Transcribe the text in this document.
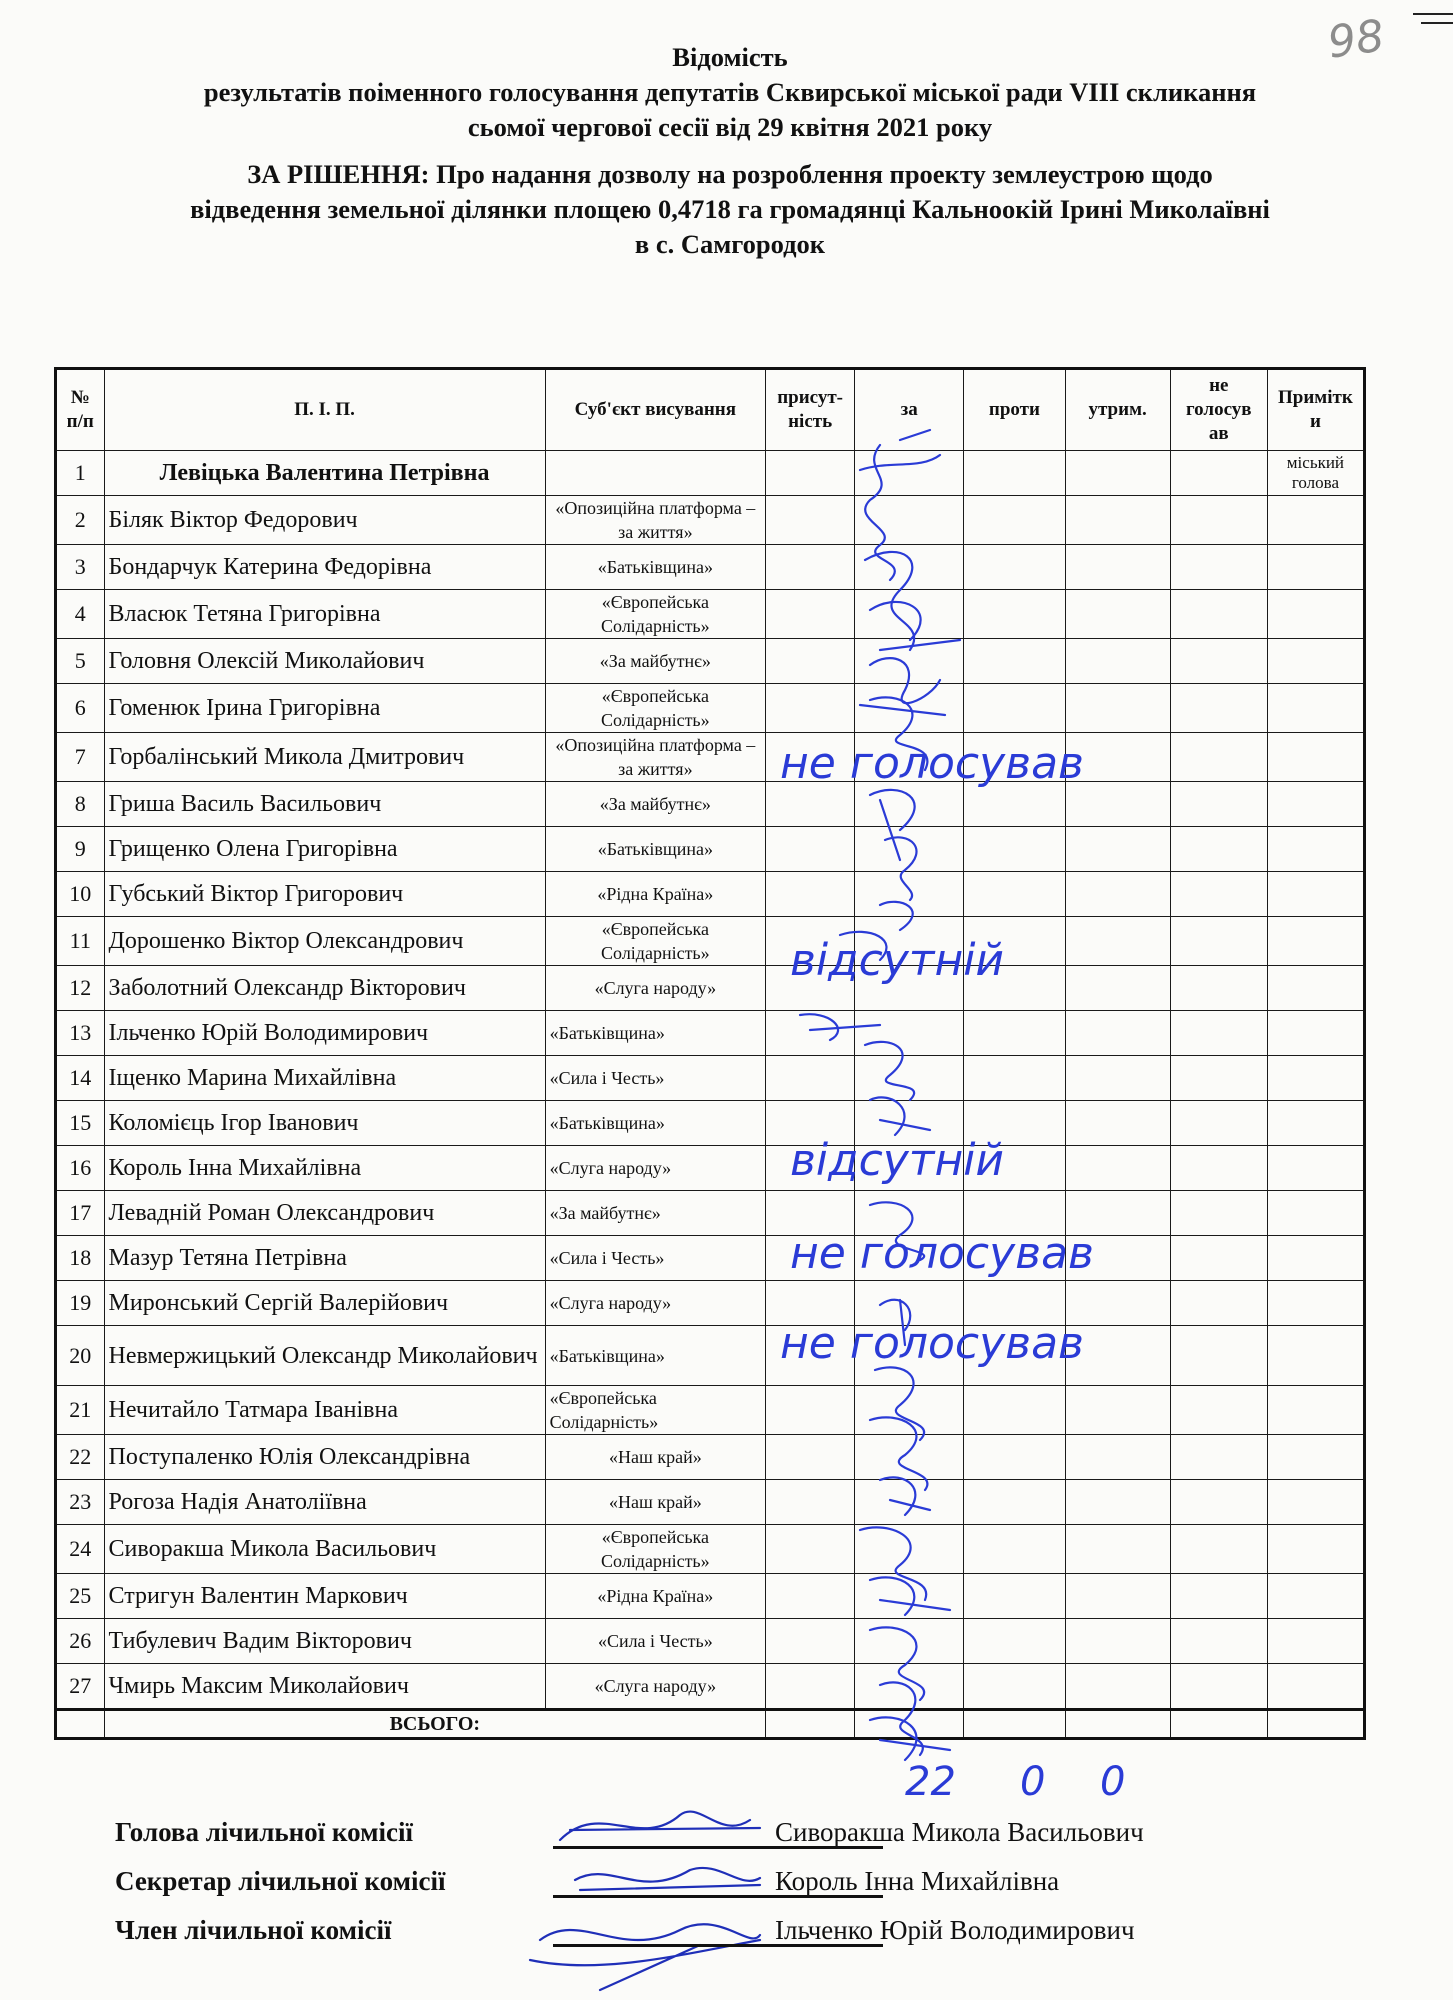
98
Відомість
результатів поіменного голосування депутатів Сквирської міської ради VIII скликання
сьомої чергової сесії від 29 квітня 2021 року
ЗА РІШЕННЯ: Про надання дозволу на розроблення проекту землеустрою щодо
відведення земельної ділянки площею 0,4718 га громадянці Кальноокій Ірині Миколаївні
в с. Самгородок
№ п/п	П. І. П.	Суб'єкт висування	присут-ність	за	проти	утрим.	не голосув ав	Примітк и
1	Левіцька Валентина Петрівна							міський голова
2	Біляк Віктор Федорович	«Опозиційна платформа – за життя»						
3	Бондарчук Катерина Федорівна	«Батьківщина»						
4	Власюк Тетяна Григорівна	«Європейська Солідарність»						
5	Головня Олексій Миколайович	«За майбутнє»						
6	Гоменюк Ірина Григорівна	«Європейська Солідарність»						
7	Горбалінський Микола Дмитрович	«Опозиційна платформа – за життя»						
8	Гриша Василь Васильович	«За майбутнє»						
9	Грищенко Олена Григорівна	«Батьківщина»						
10	Губський Віктор Григорович	«Рідна Країна»						
11	Дорошенко Віктор Олександрович	«Європейська Солідарність»						
12	Заболотний Олександр Вікторович	«Слуга народу»						
13	Ільченко Юрій Володимирович	«Батьківщина»						
14	Іщенко Марина Михайлівна	«Сила і Честь»						
15	Коломієць Ігор Іванович	«Батьківщина»						
16	Король Інна Михайлівна	«Слуга народу»						
17	Левадній Роман Олександрович	«За майбутнє»						
18	Мазур Тетяна Петрівна	«Сила і Честь»						
19	Миронський Сергій Валерійович	«Слуга народу»						
20	Невмержицький Олександр Миколайович	«Батьківщина»						
21	Нечитайло Татмара Іванівна	«Європейська Солідарність»						
22	Поступаленко Юлія Олександрівна	«Наш край»						
23	Рогоза Надія Анатоліївна	«Наш край»						
24	Сиворакша Микола Васильович	«Європейська Солідарність»						
25	Стригун Валентин Маркович	«Рідна Країна»						
26	Тибулевич Вадим Вікторович	«Сила і Честь»						
27	Чмирь Максим Миколайович	«Слуга народу»						
	ВСЬОГО:							
не голосував
відсутній
відсутній
не голосував
не голосував
22 0 0
Голова лічильної комісії	Сиворакша Микола Васильович
Секретар лічильної комісії	Король Інна Михайлівна
Член лічильної комісії	Ільченко Юрій Володимирович
